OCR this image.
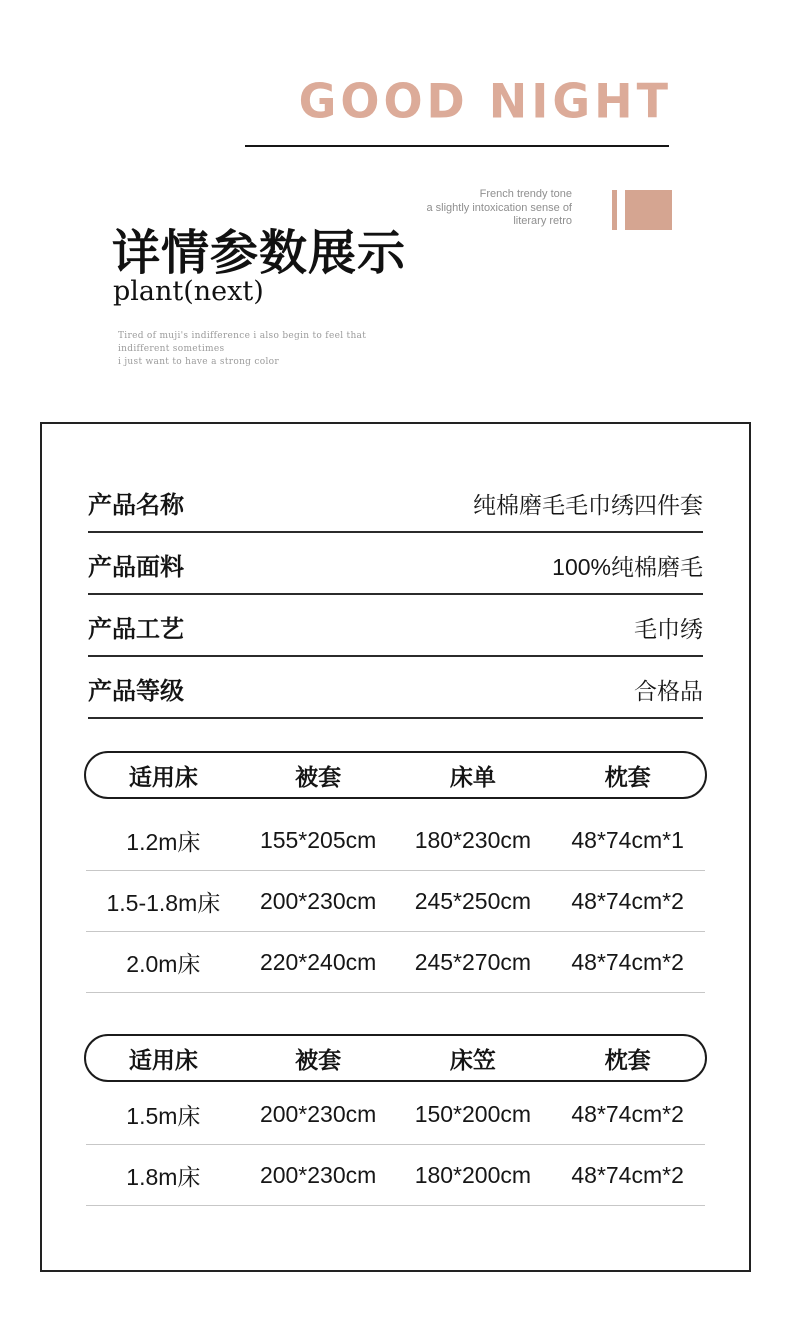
GOOD NIGHT
French trendy tone
a slightly intoxication sense of
literary retro
详情参数展示
plant(next)
Tired of muji's indifference i also begin to feel that
indifferent sometimes
i just want to have a strong color
产品名称	纯棉磨毛毛巾绣四件套
产品面料	100%纯棉磨毛
产品工艺	毛巾绣
产品等级	合格品
适用床	被套	床单	枕套
1.2m床	155*205cm	180*230cm	48*74cm*1
1.5-1.8m床	200*230cm	245*250cm	48*74cm*2
2.0m床	220*240cm	245*270cm	48*74cm*2
适用床	被套	床笠	枕套
1.5m床	200*230cm	150*200cm	48*74cm*2
1.8m床	200*230cm	180*200cm	48*74cm*2
